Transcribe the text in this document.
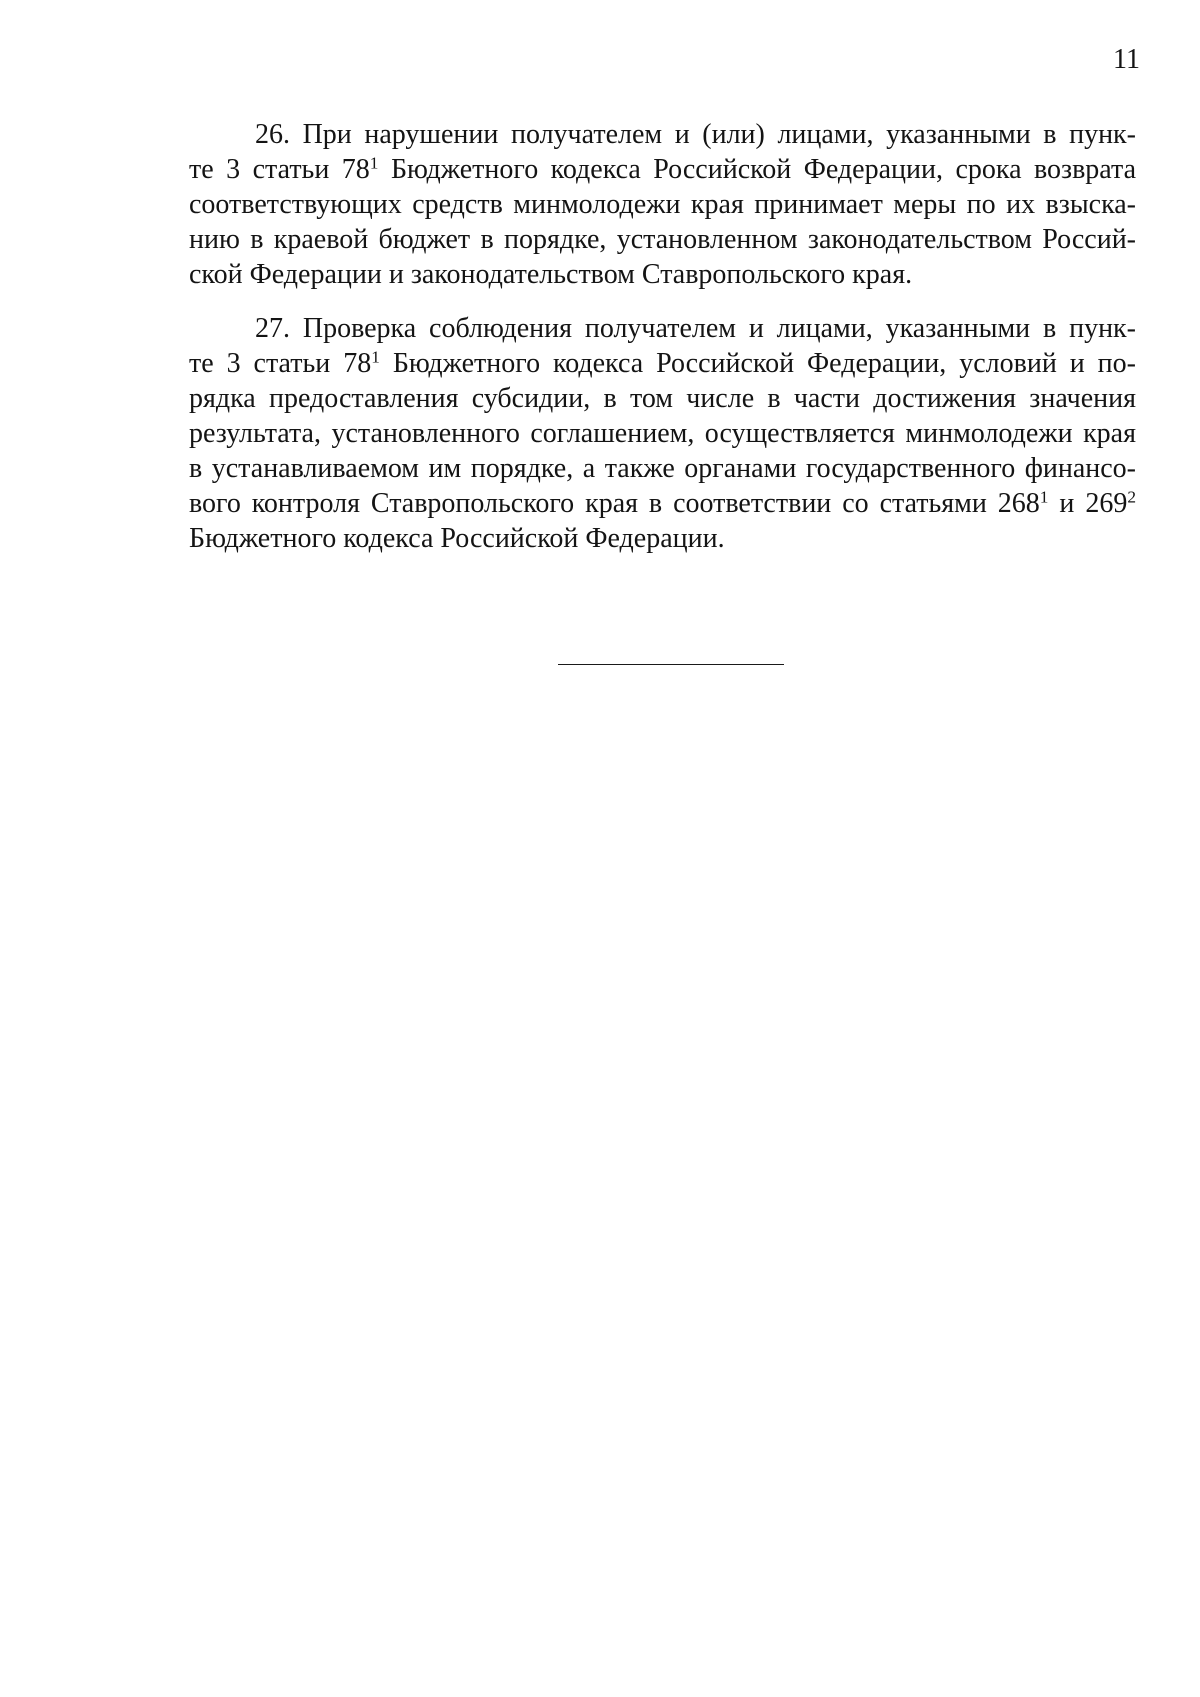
11
26. При нарушении получателем и (или) лицами, указанными в пунк-
те 3 статьи $78^1$ Бюджетного кодекса Российской Федерации, срока возврата
соответствующих средств минмолодежи края принимает меры по их взыска-
нию в краевой бюджет в порядке, установленном законодательством Россий-
ской Федерации и законодательством Ставропольского края.
27. Проверка соблюдения получателем и лицами, указанными в пунк-
те 3 статьи $78^1$ Бюджетного кодекса Российской Федерации, условий и по-
рядка предоставления субсидии, в том числе в части достижения значения
результата, установленного соглашением, осуществляется минмолодежи края
в устанавливаемом им порядке, а также органами государственного финансо-
вого контроля Ставропольского края в соответствии со статьями $268^1$ и $269^2$
Бюджетного кодекса Российской Федерации.
